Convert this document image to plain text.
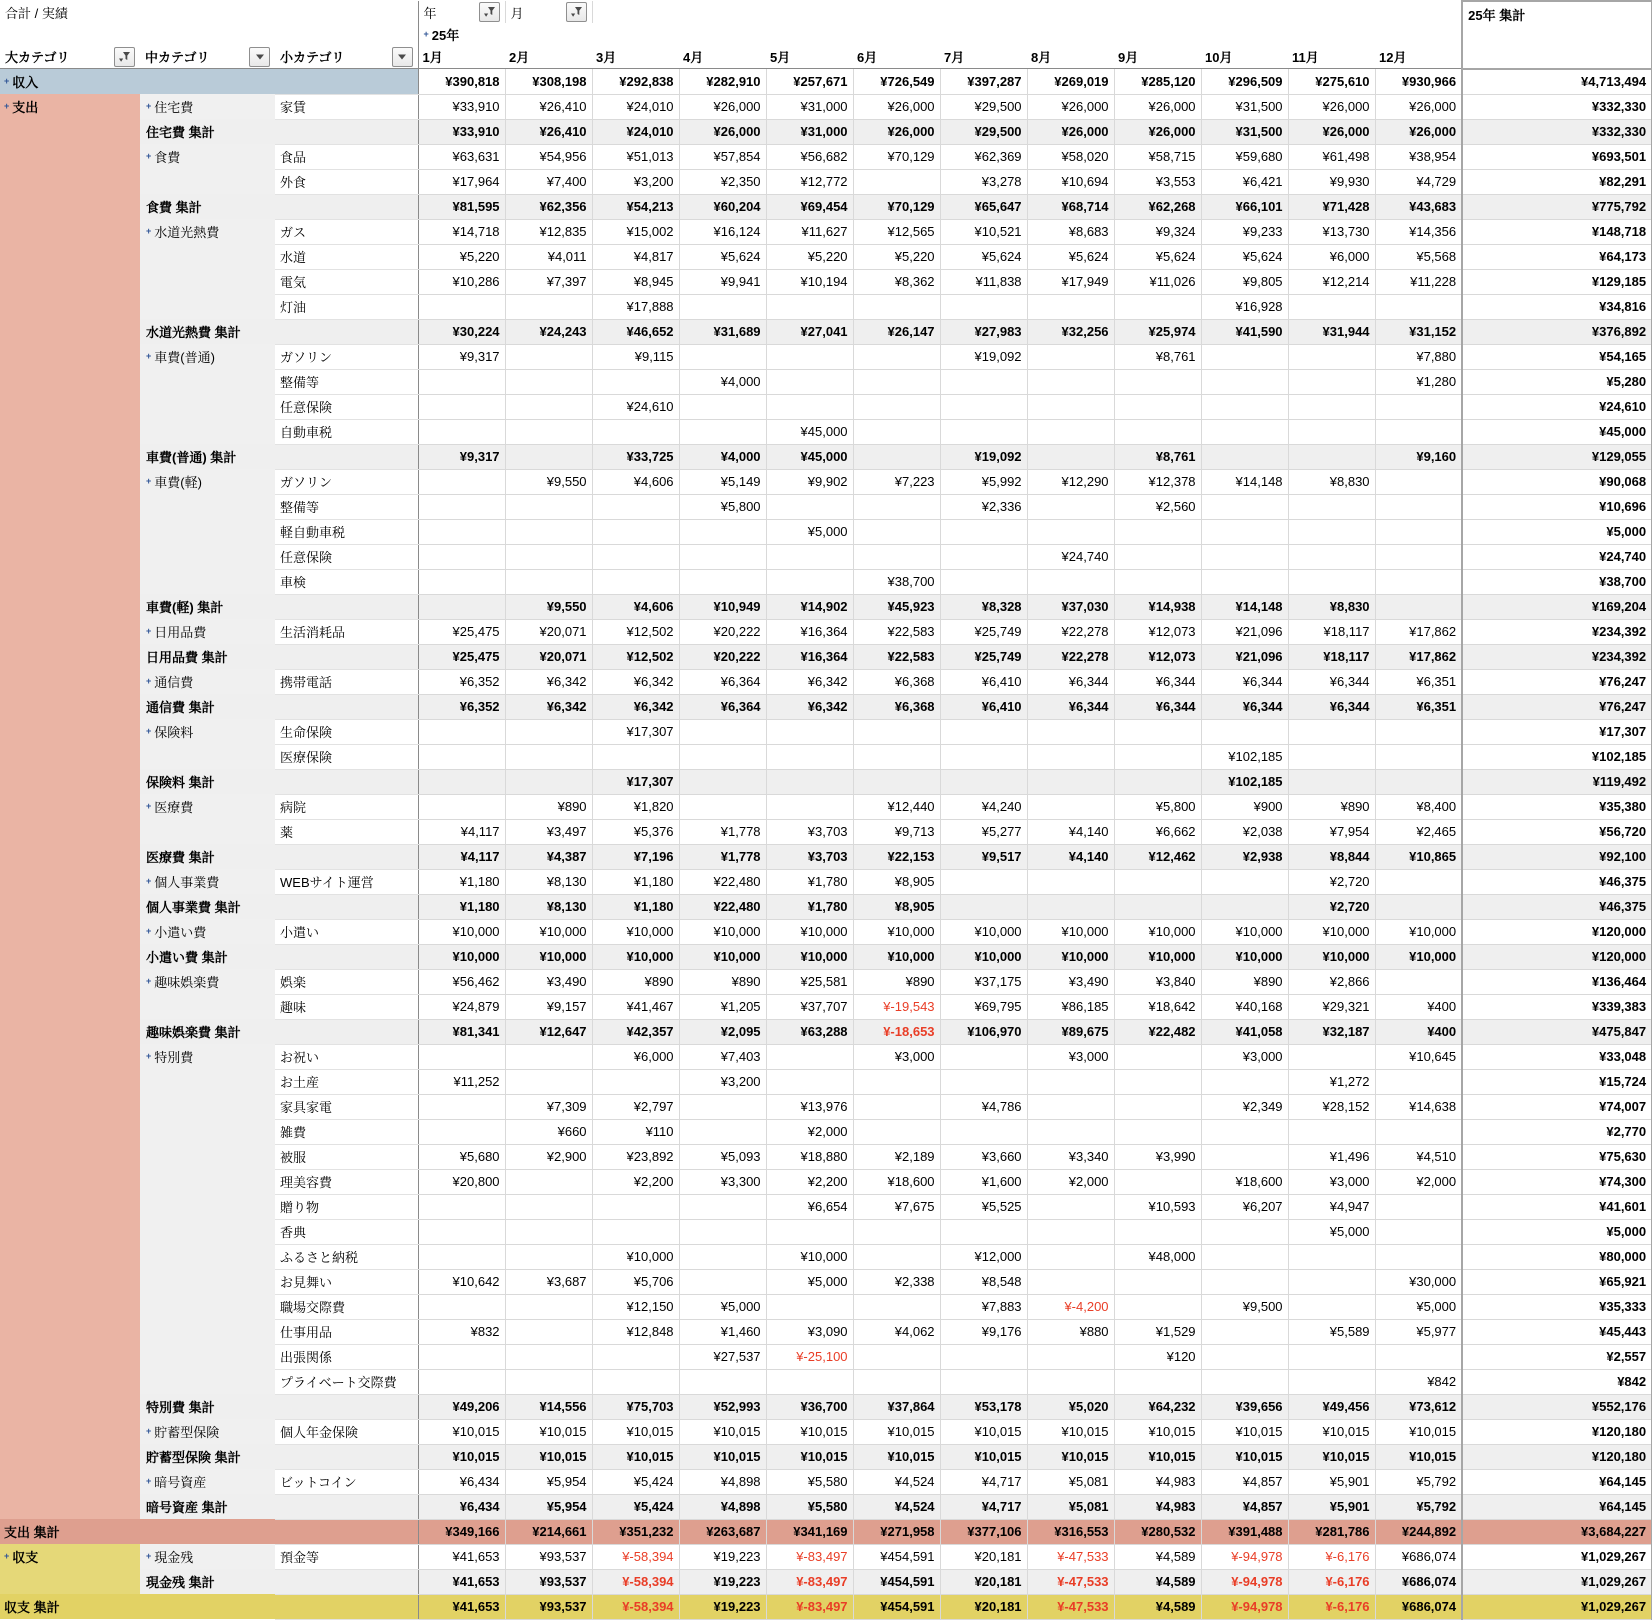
合計 / 実績			年	月											25年 集計
			+ 25年												

大カテゴリ	中カテゴリ	小カテゴリ	1月	2月	3月	4月	5月	6月	7月	8月	9月	10月	11月	12月	
+ 収入			¥390,818	¥308,198	¥292,838	¥282,910	¥257,671	¥726,549	¥397,287	¥269,019	¥285,120	¥296,509	¥275,610	¥930,966	¥4,713,494
+ 支出	+ 住宅費	家賃	¥33,910	¥26,410	¥24,010	¥26,000	¥31,000	¥26,000	¥29,500	¥26,000	¥26,000	¥31,500	¥26,000	¥26,000	¥332,330
	住宅費 集計		¥33,910	¥26,410	¥24,010	¥26,000	¥31,000	¥26,000	¥29,500	¥26,000	¥26,000	¥31,500	¥26,000	¥26,000	¥332,330
	+ 食費	食品	¥63,631	¥54,956	¥51,013	¥57,854	¥56,682	¥70,129	¥62,369	¥58,020	¥58,715	¥59,680	¥61,498	¥38,954	¥693,501
		外食	¥17,964	¥7,400	¥3,200	¥2,350	¥12,772		¥3,278	¥10,694	¥3,553	¥6,421	¥9,930	¥4,729	¥82,291
	食費 集計		¥81,595	¥62,356	¥54,213	¥60,204	¥69,454	¥70,129	¥65,647	¥68,714	¥62,268	¥66,101	¥71,428	¥43,683	¥775,792
	+ 水道光熱費	ガス	¥14,718	¥12,835	¥15,002	¥16,124	¥11,627	¥12,565	¥10,521	¥8,683	¥9,324	¥9,233	¥13,730	¥14,356	¥148,718
		水道	¥5,220	¥4,011	¥4,817	¥5,624	¥5,220	¥5,220	¥5,624	¥5,624	¥5,624	¥5,624	¥6,000	¥5,568	¥64,173
		電気	¥10,286	¥7,397	¥8,945	¥9,941	¥10,194	¥8,362	¥11,838	¥17,949	¥11,026	¥9,805	¥12,214	¥11,228	¥129,185
		灯油			¥17,888							¥16,928			¥34,816
	水道光熱費 集計		¥30,224	¥24,243	¥46,652	¥31,689	¥27,041	¥26,147	¥27,983	¥32,256	¥25,974	¥41,590	¥31,944	¥31,152	¥376,892
	+ 車費(普通)	ガソリン	¥9,317		¥9,115				¥19,092		¥8,761			¥7,880	¥54,165
		整備等				¥4,000								¥1,280	¥5,280
		任意保険			¥24,610										¥24,610
		自動車税					¥45,000								¥45,000
	車費(普通) 集計		¥9,317		¥33,725	¥4,000	¥45,000		¥19,092		¥8,761			¥9,160	¥129,055
	+ 車費(軽)	ガソリン		¥9,550	¥4,606	¥5,149	¥9,902	¥7,223	¥5,992	¥12,290	¥12,378	¥14,148	¥8,830		¥90,068
		整備等				¥5,800			¥2,336		¥2,560				¥10,696
		軽自動車税					¥5,000								¥5,000
		任意保険								¥24,740					¥24,740
		車検						¥38,700							¥38,700
	車費(軽) 集計			¥9,550	¥4,606	¥10,949	¥14,902	¥45,923	¥8,328	¥37,030	¥14,938	¥14,148	¥8,830		¥169,204
	+ 日用品費	生活消耗品	¥25,475	¥20,071	¥12,502	¥20,222	¥16,364	¥22,583	¥25,749	¥22,278	¥12,073	¥21,096	¥18,117	¥17,862	¥234,392
	日用品費 集計		¥25,475	¥20,071	¥12,502	¥20,222	¥16,364	¥22,583	¥25,749	¥22,278	¥12,073	¥21,096	¥18,117	¥17,862	¥234,392
	+ 通信費	携帯電話	¥6,352	¥6,342	¥6,342	¥6,364	¥6,342	¥6,368	¥6,410	¥6,344	¥6,344	¥6,344	¥6,344	¥6,351	¥76,247
	通信費 集計		¥6,352	¥6,342	¥6,342	¥6,364	¥6,342	¥6,368	¥6,410	¥6,344	¥6,344	¥6,344	¥6,344	¥6,351	¥76,247
	+ 保険料	生命保険			¥17,307										¥17,307
		医療保険										¥102,185			¥102,185
	保険料 集計				¥17,307							¥102,185			¥119,492
	+ 医療費	病院		¥890	¥1,820			¥12,440	¥4,240		¥5,800	¥900	¥890	¥8,400	¥35,380
		薬	¥4,117	¥3,497	¥5,376	¥1,778	¥3,703	¥9,713	¥5,277	¥4,140	¥6,662	¥2,038	¥7,954	¥2,465	¥56,720
	医療費 集計		¥4,117	¥4,387	¥7,196	¥1,778	¥3,703	¥22,153	¥9,517	¥4,140	¥12,462	¥2,938	¥8,844	¥10,865	¥92,100
	+ 個人事業費	WEBサイト運営	¥1,180	¥8,130	¥1,180	¥22,480	¥1,780	¥8,905					¥2,720		¥46,375
	個人事業費 集計		¥1,180	¥8,130	¥1,180	¥22,480	¥1,780	¥8,905					¥2,720		¥46,375
	+ 小遣い費	小遣い	¥10,000	¥10,000	¥10,000	¥10,000	¥10,000	¥10,000	¥10,000	¥10,000	¥10,000	¥10,000	¥10,000	¥10,000	¥120,000
	小遣い費 集計		¥10,000	¥10,000	¥10,000	¥10,000	¥10,000	¥10,000	¥10,000	¥10,000	¥10,000	¥10,000	¥10,000	¥10,000	¥120,000
	+ 趣味娯楽費	娯楽	¥56,462	¥3,490	¥890	¥890	¥25,581	¥890	¥37,175	¥3,490	¥3,840	¥890	¥2,866		¥136,464
		趣味	¥24,879	¥9,157	¥41,467	¥1,205	¥37,707	¥-19,543	¥69,795	¥86,185	¥18,642	¥40,168	¥29,321	¥400	¥339,383
	趣味娯楽費 集計		¥81,341	¥12,647	¥42,357	¥2,095	¥63,288	¥-18,653	¥106,970	¥89,675	¥22,482	¥41,058	¥32,187	¥400	¥475,847
	+ 特別費	お祝い			¥6,000	¥7,403		¥3,000		¥3,000		¥3,000		¥10,645	¥33,048
		お土産	¥11,252			¥3,200							¥1,272		¥15,724
		家具家電		¥7,309	¥2,797		¥13,976		¥4,786			¥2,349	¥28,152	¥14,638	¥74,007
		雑費		¥660	¥110		¥2,000								¥2,770
		被服	¥5,680	¥2,900	¥23,892	¥5,093	¥18,880	¥2,189	¥3,660	¥3,340	¥3,990		¥1,496	¥4,510	¥75,630
		理美容費	¥20,800		¥2,200	¥3,300	¥2,200	¥18,600	¥1,600	¥2,000		¥18,600	¥3,000	¥2,000	¥74,300
		贈り物					¥6,654	¥7,675	¥5,525		¥10,593	¥6,207	¥4,947		¥41,601
		香典											¥5,000		¥5,000
		ふるさと納税			¥10,000		¥10,000		¥12,000		¥48,000				¥80,000
		お見舞い	¥10,642	¥3,687	¥5,706		¥5,000	¥2,338	¥8,548					¥30,000	¥65,921
		職場交際費			¥12,150	¥5,000			¥7,883	¥-4,200		¥9,500		¥5,000	¥35,333
		仕事用品	¥832		¥12,848	¥1,460	¥3,090	¥4,062	¥9,176	¥880	¥1,529		¥5,589	¥5,977	¥45,443
		出張関係				¥27,537	¥-25,100				¥120				¥2,557
		プライベート交際費												¥842	¥842
	特別費 集計		¥49,206	¥14,556	¥75,703	¥52,993	¥36,700	¥37,864	¥53,178	¥5,020	¥64,232	¥39,656	¥49,456	¥73,612	¥552,176
	+ 貯蓄型保険	個人年金保険	¥10,015	¥10,015	¥10,015	¥10,015	¥10,015	¥10,015	¥10,015	¥10,015	¥10,015	¥10,015	¥10,015	¥10,015	¥120,180
	貯蓄型保険 集計		¥10,015	¥10,015	¥10,015	¥10,015	¥10,015	¥10,015	¥10,015	¥10,015	¥10,015	¥10,015	¥10,015	¥10,015	¥120,180
	+ 暗号資産	ビットコイン	¥6,434	¥5,954	¥5,424	¥4,898	¥5,580	¥4,524	¥4,717	¥5,081	¥4,983	¥4,857	¥5,901	¥5,792	¥64,145
	暗号資産 集計		¥6,434	¥5,954	¥5,424	¥4,898	¥5,580	¥4,524	¥4,717	¥5,081	¥4,983	¥4,857	¥5,901	¥5,792	¥64,145
支出 集計			¥349,166	¥214,661	¥351,232	¥263,687	¥341,169	¥271,958	¥377,106	¥316,553	¥280,532	¥391,488	¥281,786	¥244,892	¥3,684,227
+ 収支	+ 現金残	預金等	¥41,653	¥93,537	¥-58,394	¥19,223	¥-83,497	¥454,591	¥20,181	¥-47,533	¥4,589	¥-94,978	¥-6,176	¥686,074	¥1,029,267
	現金残 集計		¥41,653	¥93,537	¥-58,394	¥19,223	¥-83,497	¥454,591	¥20,181	¥-47,533	¥4,589	¥-94,978	¥-6,176	¥686,074	¥1,029,267
収支 集計			¥41,653	¥93,537	¥-58,394	¥19,223	¥-83,497	¥454,591	¥20,181	¥-47,533	¥4,589	¥-94,978	¥-6,176	¥686,074	¥1,029,267
